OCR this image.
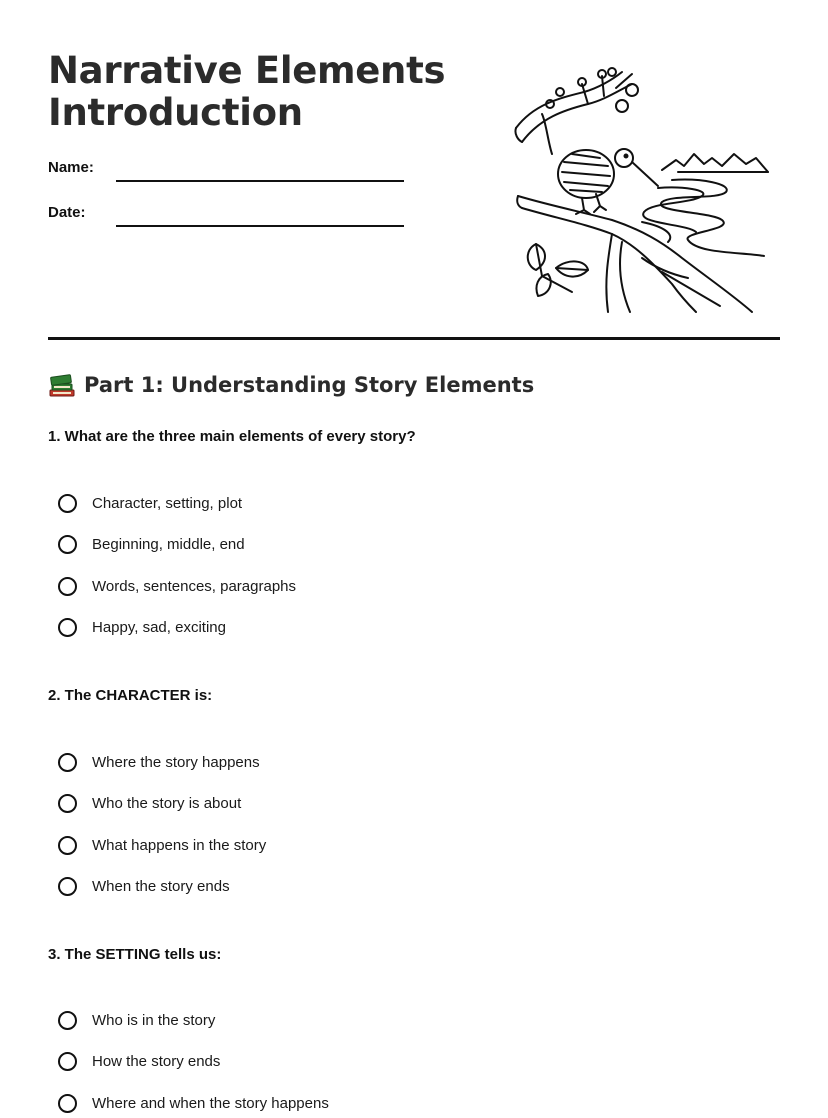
Narrative Elements
Introduction
Name:
Date:
Part 1: Understanding Story Elements

1. What are the three main elements of every story?

Character, setting, plot
Beginning, middle, end
Words, sentences, paragraphs
Happy, sad, exciting

2. The CHARACTER is:

Where the story happens
Who the story is about
What happens in the story
When the story ends

3. The SETTING tells us:

Who is in the story
How the story ends
Where and when the story happens
